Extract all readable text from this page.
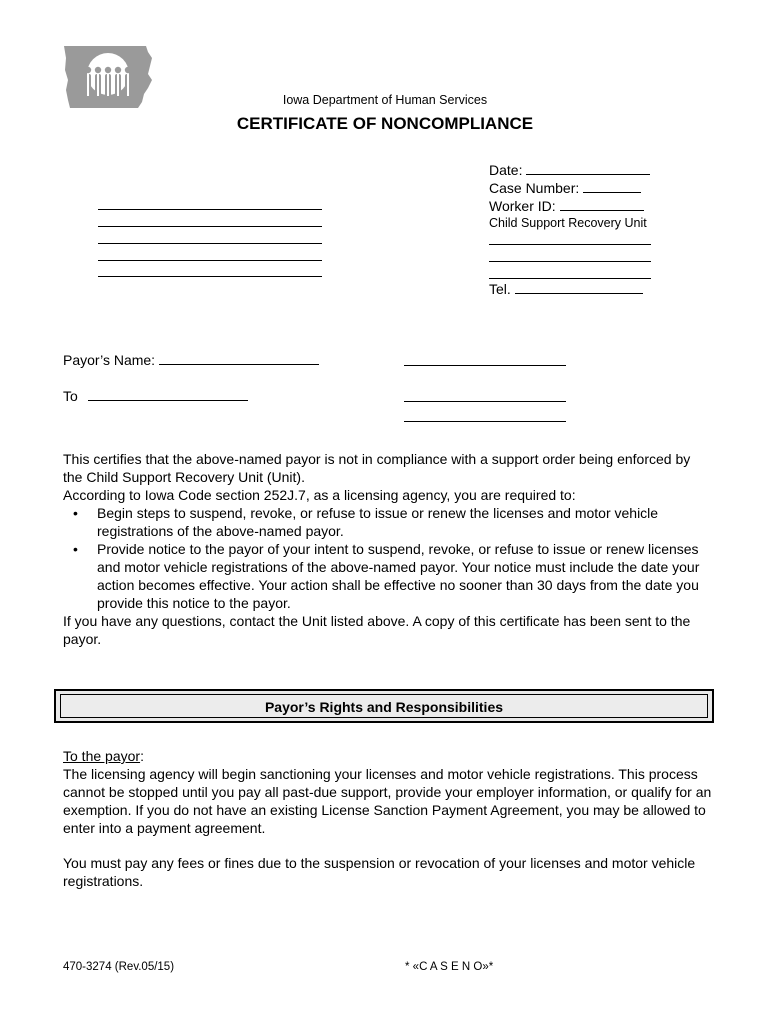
Iowa Department of Human Services
CERTIFICATE OF NONCOMPLIANCE
Date:
Case Number:
Worker ID:
Child Support Recovery Unit
Tel.
Payor’s Name:
To

This certifies that the above-named payor is not in compliance with a support order being enforced by the Child Support Recovery Unit (Unit).

According to Iowa Code section 252J.7, as a licensing agency, you are required to:

• Begin steps to suspend, revoke, or refuse to issue or renew the licenses and motor vehicle registrations of the above-named payor.
• Provide notice to the payor of your intent to suspend, revoke, or refuse to issue or renew licenses and motor vehicle registrations of the above-named payor. Your notice must include the date your action becomes effective. Your action shall be effective no sooner than 30 days from the date you provide this notice to the payor.

If you have any questions, contact the Unit listed above. A copy of this certificate has been sent to the payor.

Payor’s Rights and Responsibilities

To the payor:

The licensing agency will begin sanctioning your licenses and motor vehicle registrations. This process cannot be stopped until you pay all past-due support, provide your employer information, or qualify for an exemption. If you do not have an existing License Sanction Payment Agreement, you may be allowed to enter into a payment agreement.

You must pay any fees or fines due to the suspension or revocation of your licenses and motor vehicle registrations.

470-3274 (Rev.05/15)	* «C A S E N O»*
